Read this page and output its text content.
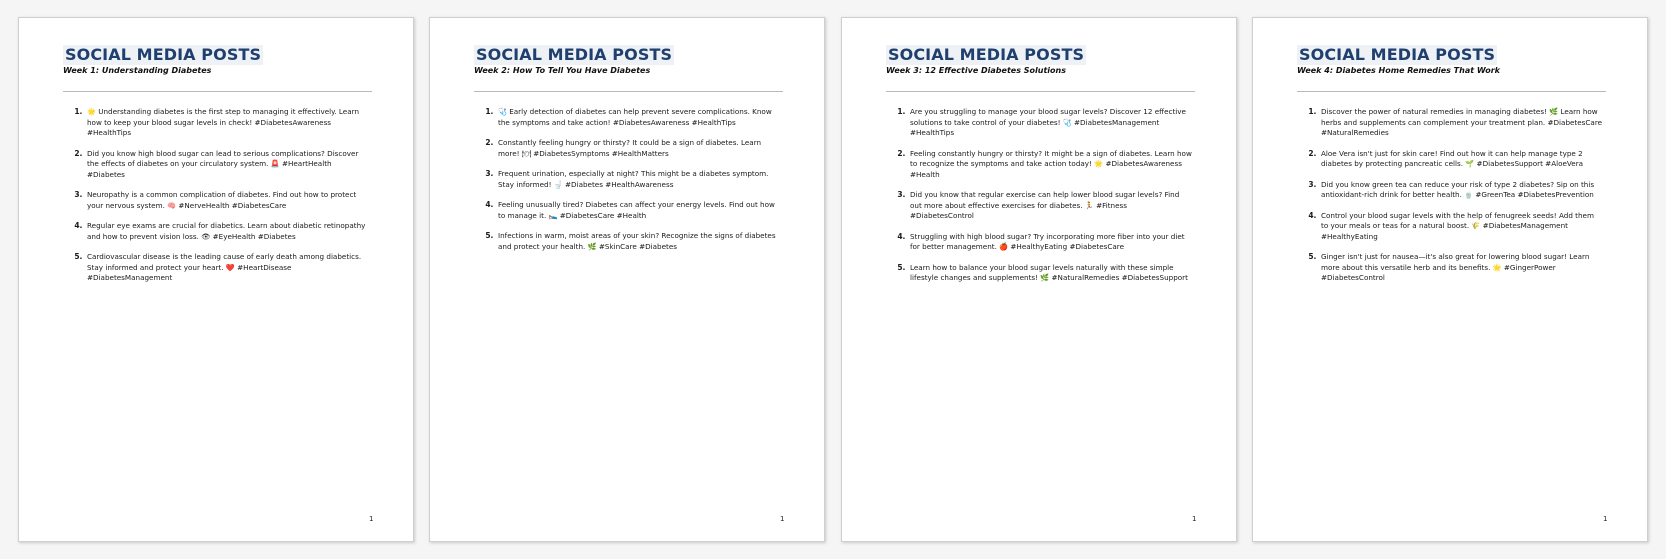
SOCIAL MEDIA POSTS
Week 1: Understanding Diabetes
1. 🌟 Understanding diabetes is the first step to managing it effectively. Learn how to keep your blood sugar levels in check! #DiabetesAwareness #HealthTips
2. Did you know high blood sugar can lead to serious complications? Discover the effects of diabetes on your circulatory system. 🚨 #HeartHealth #Diabetes
3. Neuropathy is a common complication of diabetes. Find out how to protect your nervous system. 🧠 #NerveHealth #DiabetesCare
4. Regular eye exams are crucial for diabetics. Learn about diabetic retinopathy and how to prevent vision loss. 👁 #EyeHealth #Diabetes
5. Cardiovascular disease is the leading cause of early death among diabetics. Stay informed and protect your heart. ❤️ #HeartDisease #DiabetesManagement
1
SOCIAL MEDIA POSTS
Week 2: How To Tell You Have Diabetes
1. 🩺 Early detection of diabetes can help prevent severe complications. Know the symptoms and take action! #DiabetesAwareness #HealthTips
2. Constantly feeling hungry or thirsty? It could be a sign of diabetes. Learn more! 🍽 #DiabetesSymptoms #HealthMatters
3. Frequent urination, especially at night? This might be a diabetes symptom. Stay informed! 🚽 #Diabetes #HealthAwareness
4. Feeling unusually tired? Diabetes can affect your energy levels. Find out how to manage it. 🛌 #DiabetesCare #Health
5. Infections in warm, moist areas of your skin? Recognize the signs of diabetes and protect your health. 🌿 #SkinCare #Diabetes
1
SOCIAL MEDIA POSTS
Week 3: 12 Effective Diabetes Solutions
1. Are you struggling to manage your blood sugar levels? Discover 12 effective solutions to take control of your diabetes! 🩺 #DiabetesManagement #HealthTips
2. Feeling constantly hungry or thirsty? It might be a sign of diabetes. Learn how to recognize the symptoms and take action today! 🌟 #DiabetesAwareness #Health
3. Did you know that regular exercise can help lower blood sugar levels? Find out more about effective exercises for diabetes. 🏃 #Fitness #DiabetesControl
4. Struggling with high blood sugar? Try incorporating more fiber into your diet for better management. 🍎 #HealthyEating #DiabetesCare
5. Learn how to balance your blood sugar levels naturally with these simple lifestyle changes and supplements! 🌿 #NaturalRemedies #DiabetesSupport
1
SOCIAL MEDIA POSTS
Week 4: Diabetes Home Remedies That Work
1. Discover the power of natural remedies in managing diabetes! 🌿 Learn how herbs and supplements can complement your treatment plan. #DiabetesCare #NaturalRemedies
2. Aloe Vera isn't just for skin care! Find out how it can help manage type 2 diabetes by protecting pancreatic cells. 🌱 #DiabetesSupport #AloeVera
3. Did you know green tea can reduce your risk of type 2 diabetes? Sip on this antioxidant-rich drink for better health. 🍵 #GreenTea #DiabetesPrevention
4. Control your blood sugar levels with the help of fenugreek seeds! Add them to your meals or teas for a natural boost. 🌾 #DiabetesManagement #HealthyEating
5. Ginger isn't just for nausea—it's also great for lowering blood sugar! Learn more about this versatile herb and its benefits. 🌟 #GingerPower #DiabetesControl
1
